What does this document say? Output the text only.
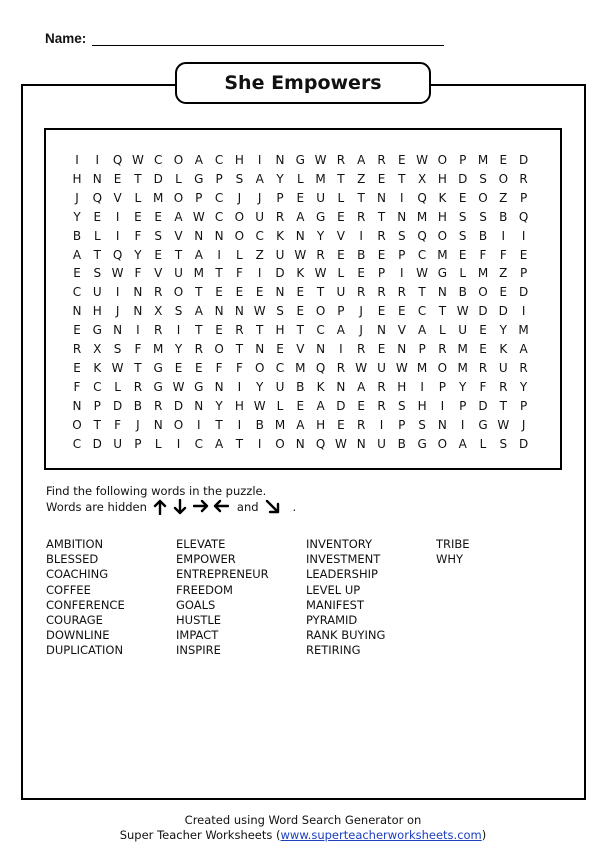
Name:
She Empowers
I	I	Q W C O A C H	I	N G W R	A	R	E W O P M E D
H N	E	T	D	L	G	P	S	A	Y	L M T	Z	E	T	X H D S O R
J	Q V	L M O P	C	J	J	P	E	U	L	T	N	I	Q K	E O Z	P
Y	E	I	E	E	A W C O U R	A G E	R	T	N M H S	S	B Q
B	L	I	F	S	V N N O C	K N	Y	V	I	R	S Q O S	B	I	I
A	T Q Y	E	T	A	I	L	Z U W R	E	B	E	P	C M E	F	F	E
E	S W F	V U M T	F	I	D K W L	E	P	I	W G	L M Z	P
C U	I	N R O T	E	E	E	N	E	T	U R R R	T	N B O E D
N H	J	N X	S	A N N W S	E O P	J	E	E	C	T W D D	I
E G N	I	R	I	T	E	R	T	H	T	C	A	J	N V	A	L	U	E	Y M
R	X	S	F M Y	R O T	N	E	V N	I	R	E	N	P	R M E	K	A
E	K W T G E	E	F	F	O C M Q R W U W M O M R U R
F	C	L	R G W G N	I	Y	U B	K N A	R H	I	P	Y	F	R	Y
N	P	D B	R D N	Y	H W L	E	A D E	R	S H	I	P	D	T	P
O T	F	J	N O	I	T	I	B M A H E	R	I	P	S N	I	G W	J
C D U	P	L	I	C	A	T	I	O N Q W N U B G O A	L	S D
Find the following words in the puzzle.
Words are hidden	and	.
AMBITION
BLESSED
COACHING
COFFEE
CONFERENCE
COURAGE
DOWNLINE
DUPLICATION
ELEVATE
EMPOWER
ENTREPRENEUR
FREEDOM
GOALS
HUSTLE
IMPACT
INSPIRE
INVENTORY
INVESTMENT
LEADERSHIP
LEVEL UP
MANIFEST
PYRAMID
RANK BUYING
RETIRING
TRIBE
WHY
Created using Word Search Generator on
Super Teacher Worksheets (www.superteacherworksheets.com)
